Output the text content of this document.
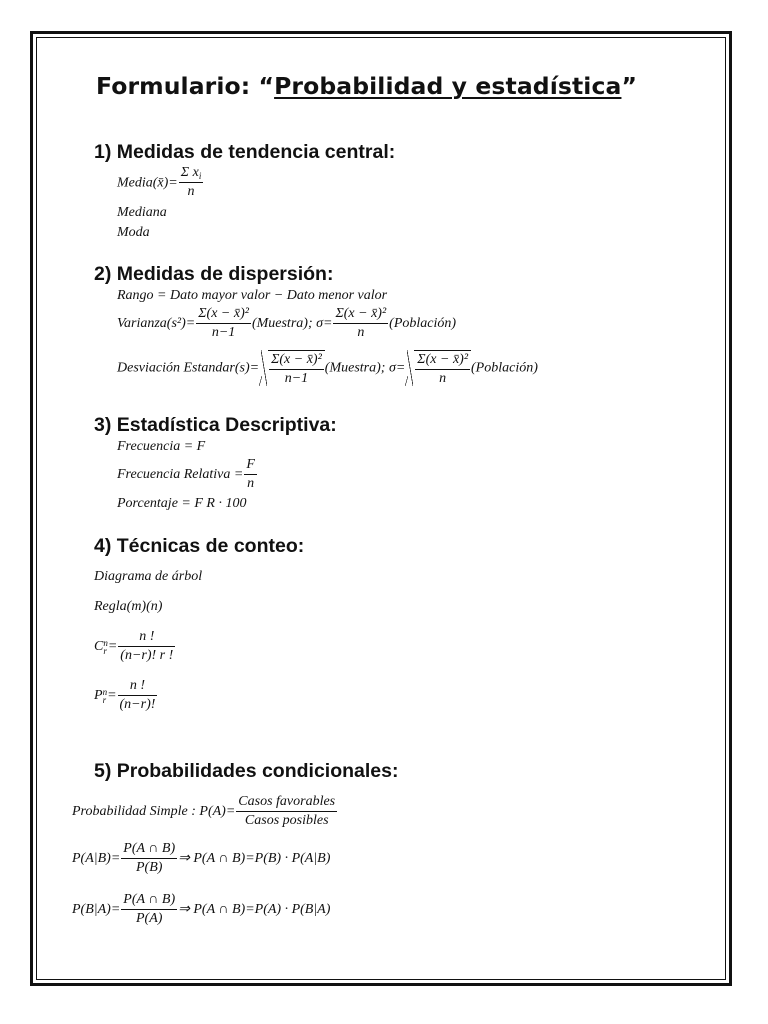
Formulario: “Probabilidad y estadística”
1) Medidas de tendencia central:
Media(x̄)= $\frac{\Sigma x_i}{n}$
Mediana
Moda
2) Medidas de dispersión:
Rango = Dato mayor valor − Dato menor valor
Varianza(s²)= $\frac{\text{Σ(x − x̄)²}}{n-1}$ (Muestra); $\sigma= \frac{\text{Σ(x − x̄)²}}{n}$ (Población)
Desviación Estandar(s)= $\frac{\text{Σ(x − x̄)²}}{n-1}$ (Muestra); $\sigma= \frac{\text{Σ(x − x̄)²}}{n}$ (Población)
3) Estadística Descriptiva:
Frecuencia = F
Frecuencia Relativa = $\frac{F}{n}$
Porcentaje = F R · 100
4) Técnicas de conteo:
Diagrama de árbol
Regla(m)(n)
C n
$r = \frac{n !}{(n-r)! r !}$
P n
$r = \frac{n !}{(n-r)!}$
5) Probabilidades condicionales:
Probabilidad Simple : $P(A)= \frac{\text{Casos favorables}}{\text{Casos posibles}}$
$P(A|B)= \frac{P(A \cap B)}{P(B)}$ ⇒ P(A ∩ B)=P(B) · P(A|B)
$P(B|A)= \frac{P(A \cap B)}{P(A)}$ ⇒ P(A ∩ B)=P(A) · P(B|A)
